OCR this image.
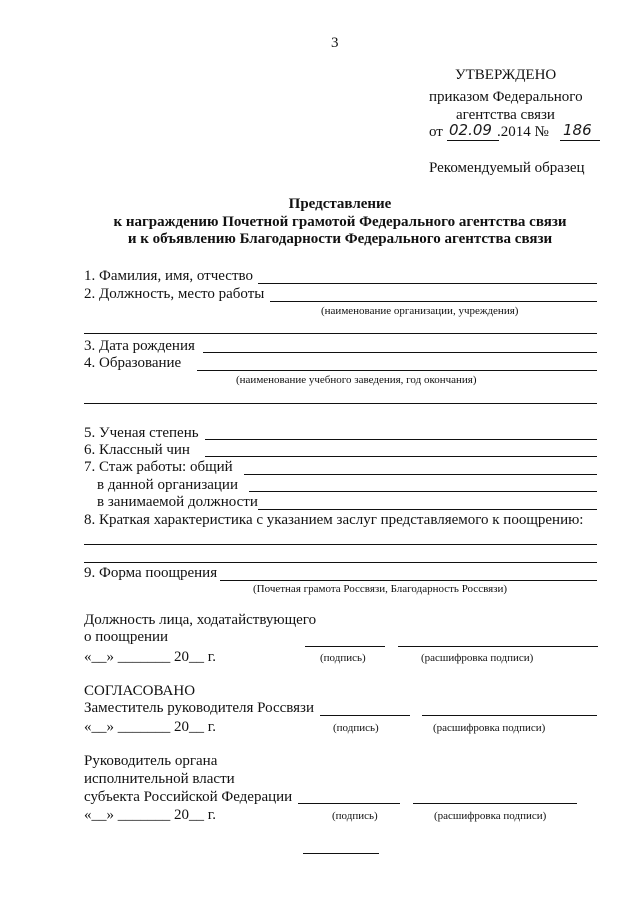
3
УТВЕРЖДЕНО
приказом Федерального
агентства связи
от 02.09 .2014 № 186
Рекомендуемый образец
Представление
к награждению Почетной грамотой Федерального агентства связи
и к объявлению Благодарности Федерального агентства связи
1. Фамилия, имя, отчество
2. Должность, место работы
(наименование организации, учреждения)
3. Дата рождения
4. Образование
(наименование учебного заведения, год окончания)
5. Ученая степень
6. Классный чин
7. Стаж работы: общий
в данной организации
в занимаемой должности
8. Краткая характеристика с указанием заслуг представляемого к поощрению:
9. Форма поощрения
(Почетная грамота Россвязи, Благодарность Россвязи)
Должность лица, ходатайствующего
о поощрении
«__» _______ 20__ г.	(подпись)	(расшифровка подписи)
СОГЛАСОВАНО
Заместитель руководителя Россвязи
«__» _______ 20__ г.	(подпись)	(расшифровка подписи)
Руководитель органа
исполнительной власти
субъекта Российской Федерации
«__» _______ 20__ г.	(подпись)	(расшифровка подписи)
